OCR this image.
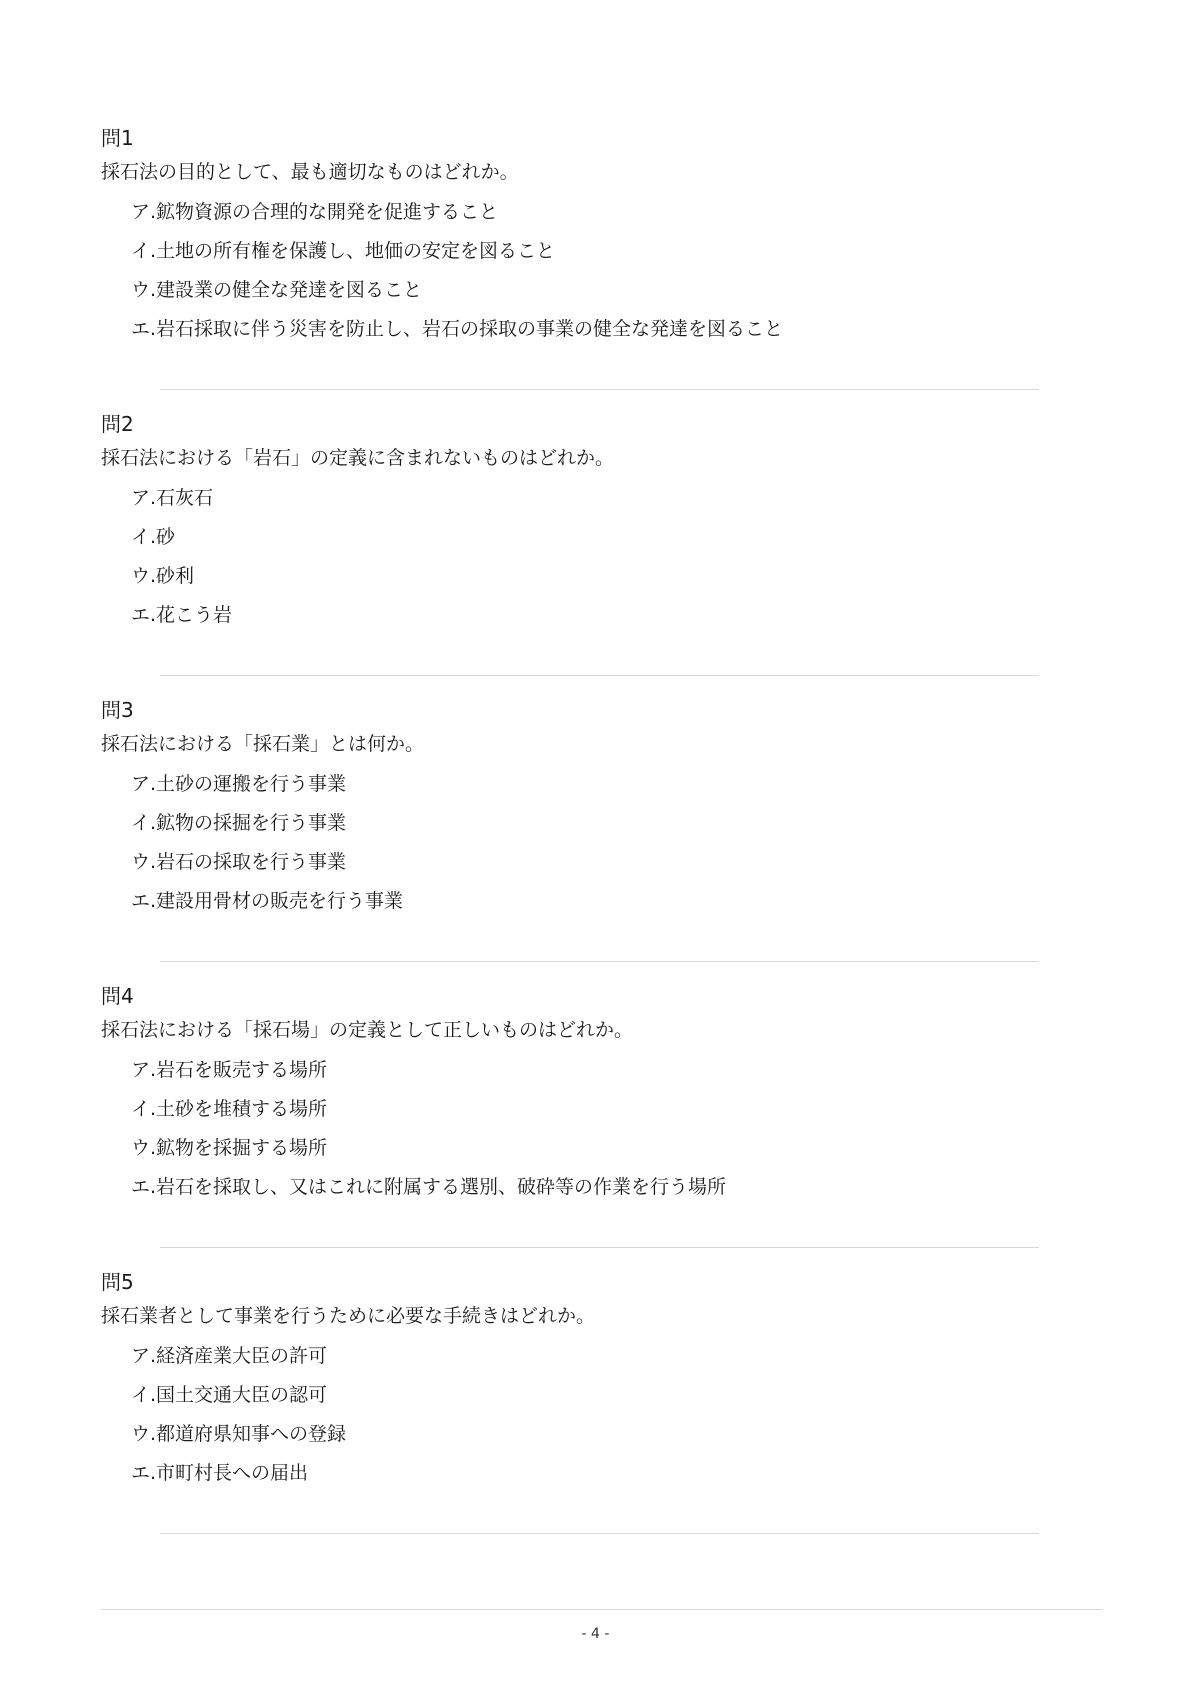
問1
採石法の目的として、最も適切なものはどれか。
ア.鉱物資源の合理的な開発を促進すること
イ.土地の所有権を保護し、地価の安定を図ること
ウ.建設業の健全な発達を図ること
エ.岩石採取に伴う災害を防止し、岩石の採取の事業の健全な発達を図ること
問2
採石法における「岩石」の定義に含まれないものはどれか。
ア.石灰石
イ.砂
ウ.砂利
エ.花こう岩
問3
採石法における「採石業」とは何か。
ア.土砂の運搬を行う事業
イ.鉱物の採掘を行う事業
ウ.岩石の採取を行う事業
エ.建設用骨材の販売を行う事業
問4
採石法における「採石場」の定義として正しいものはどれか。
ア.岩石を販売する場所
イ.土砂を堆積する場所
ウ.鉱物を採掘する場所
エ.岩石を採取し、又はこれに附属する選別、破砕等の作業を行う場所
問5
採石業者として事業を行うために必要な手続きはどれか。
ア.経済産業大臣の許可
イ.国土交通大臣の認可
ウ.都道府県知事への登録
エ.市町村長への届出
- 4 -
